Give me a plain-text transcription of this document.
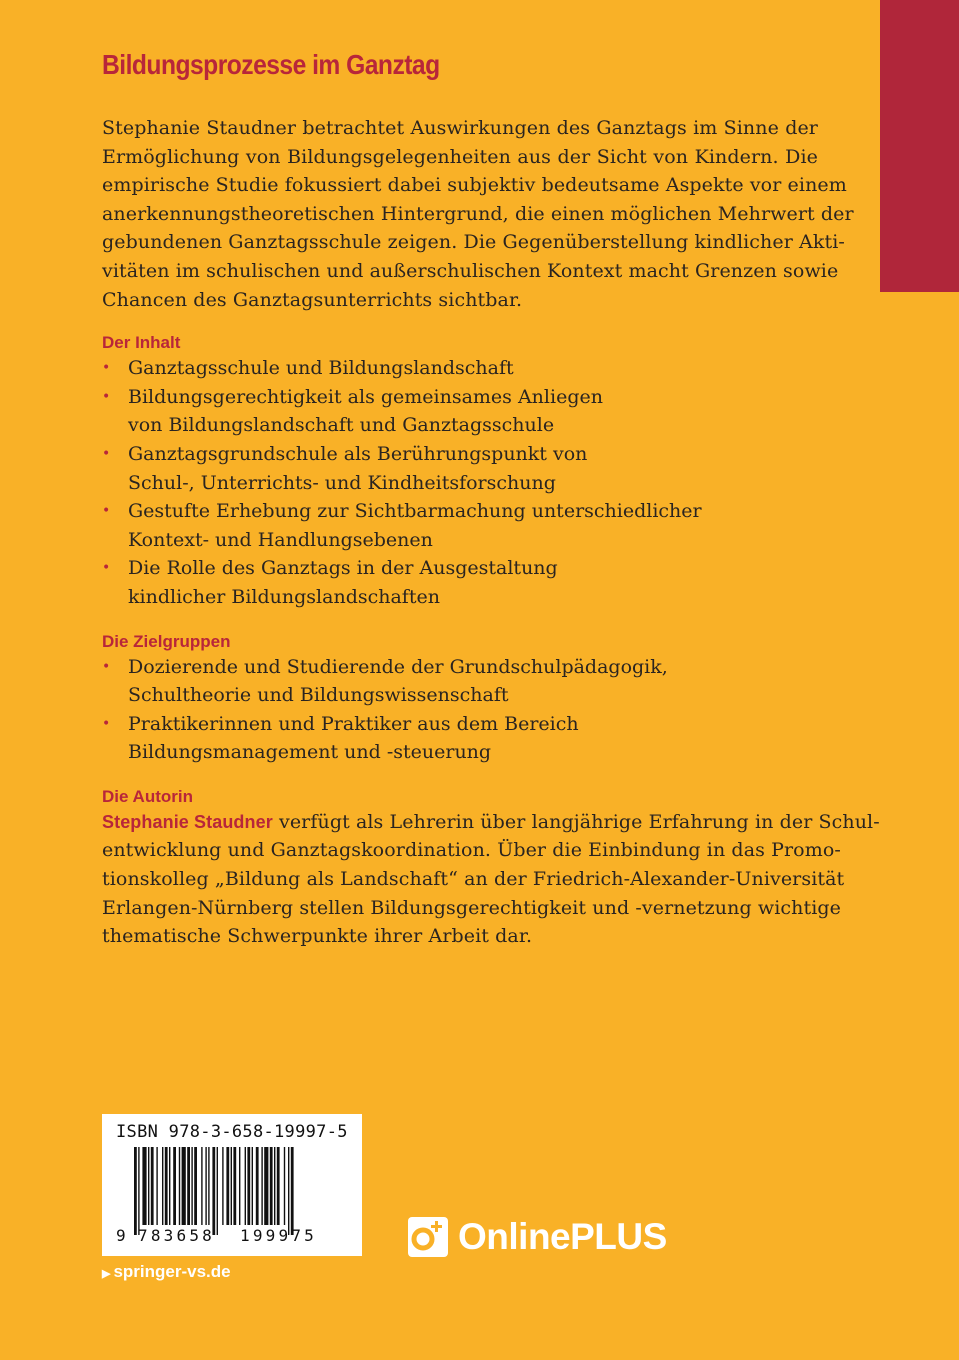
Bildungsprozesse im Ganztag

Stephanie Staudner betrachtet Auswirkungen des Ganztags im Sinne der
Ermöglichung von Bildungsgelegenheiten aus der Sicht von Kindern. Die
empirische Studie fokussiert dabei subjektiv bedeutsame Aspekte vor einem
anerkennungstheoretischen Hintergrund, die einen möglichen Mehrwert der
gebundenen Ganztagsschule zeigen. Die Gegenüberstellung kindlicher Akti-
vitäten im schulischen und außerschulischen Kontext macht Grenzen sowie
Chancen des Ganztagsunterrichts sichtbar.

Der Inhalt
• Ganztagsschule und Bildungslandschaft
• Bildungsgerechtigkeit als gemeinsames Anliegen
von Bildungslandschaft und Ganztagsschule
• Ganztagsgrundschule als Berührungspunkt von
Schul-, Unterrichts- und Kindheitsforschung
• Gestufte Erhebung zur Sichtbarmachung unterschiedlicher
Kontext- und Handlungsebenen
• Die Rolle des Ganztags in der Ausgestaltung
kindlicher Bildungslandschaften
Die Zielgruppen
• Dozierende und Studierende der Grundschulpädagogik,
Schultheorie und Bildungswissenschaft
• Praktikerinnen und Praktiker aus dem Bereich
Bildungsmanagement und -steuerung
Die Autorin

Stephanie Staudner verfügt als Lehrerin über langjährige Erfahrung in der Schul-
entwicklung und Ganztagskoordination. Über die Einbindung in das Promo-
tionskolleg „Bildung als Landschaft“ an der Friedrich-Alexander-Universität
Erlangen-Nürnberg stellen Bildungsgerechtigkeit und -vernetzung wichtige
thematische Schwerpunkte ihrer Arbeit dar.

ISBN 978-3-658-19997-5
9 783658 199975
▶ springer-vs.de
OnlinePLUS
